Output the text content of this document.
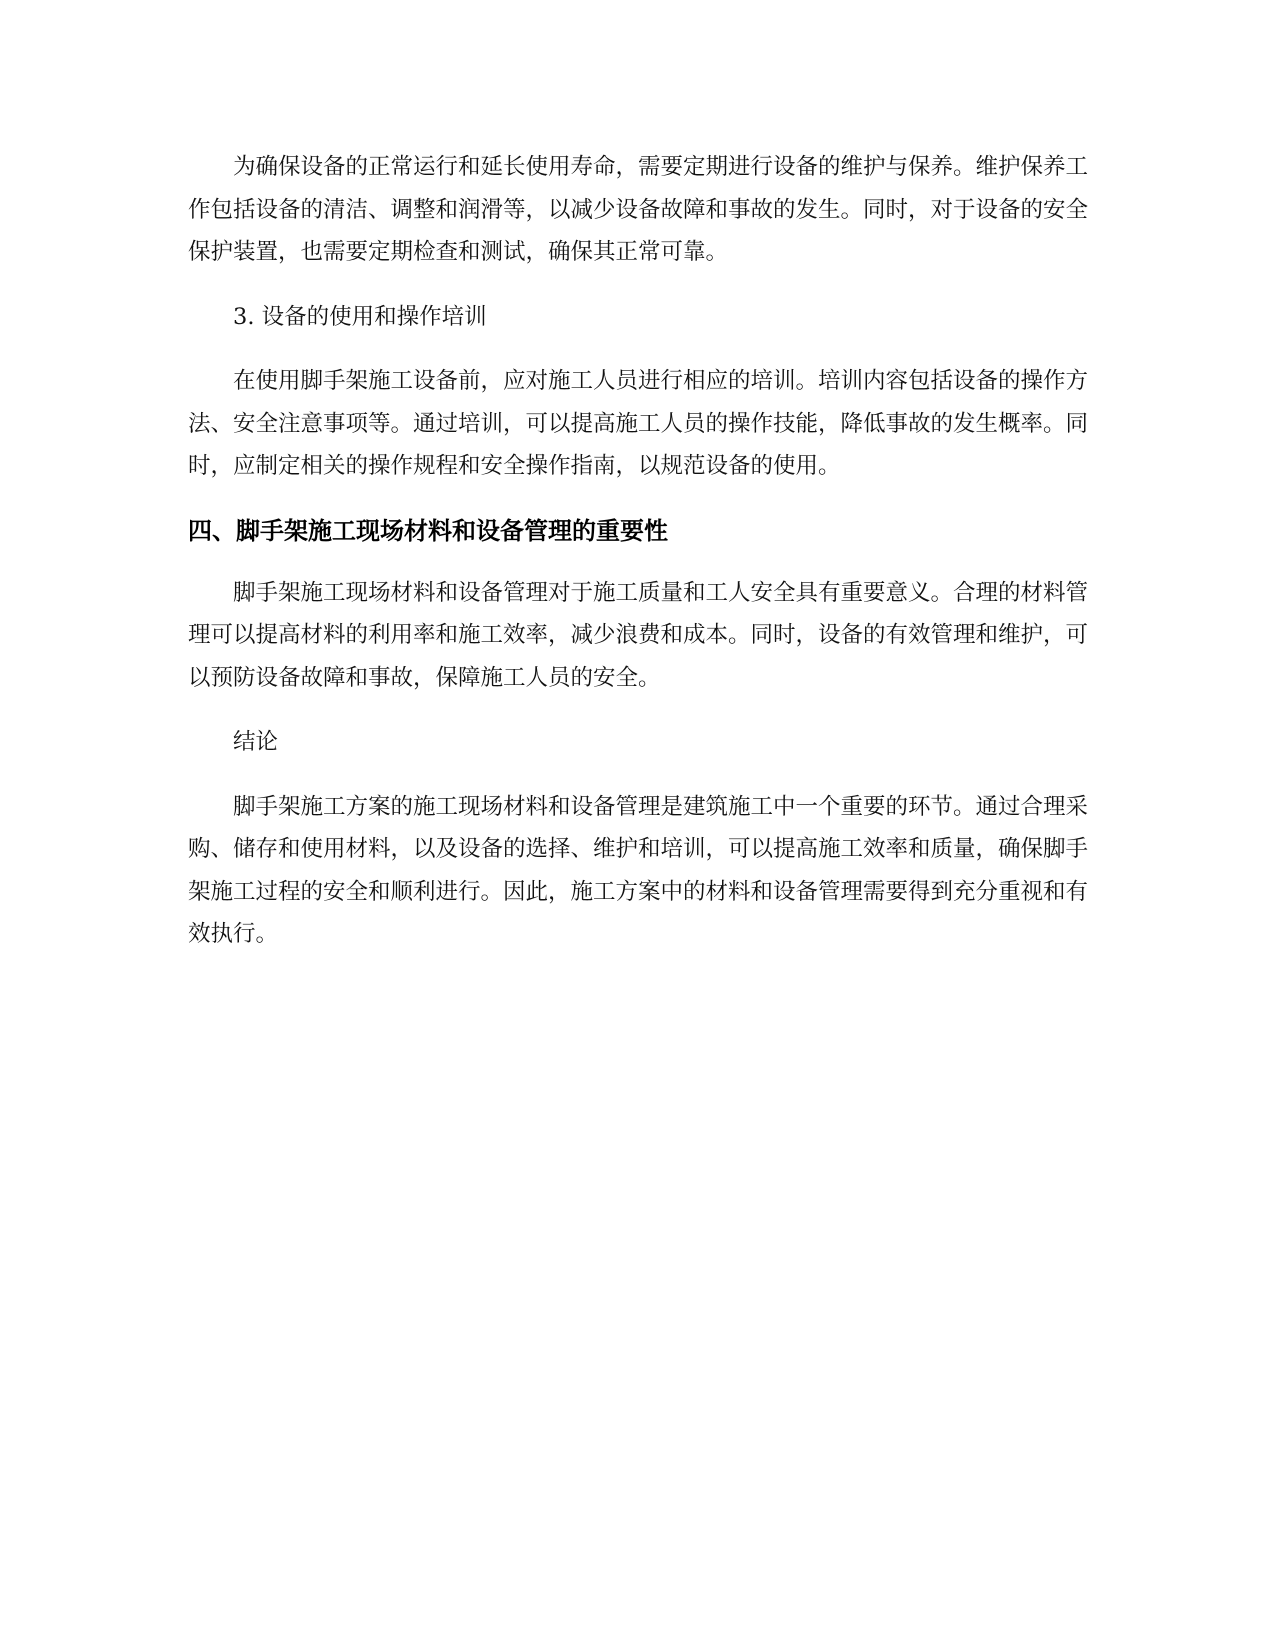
为确保设备的正常运行和延长使用寿命，需要定期进行设备的维护与保养。维护保养工作包括设备的清洁、调整和润滑等，以减少设备故障和事故的发生。同时，对于设备的安全保护装置，也需要定期检查和测试，确保其正常可靠。

3. 设备的使用和操作培训

在使用脚手架施工设备前，应对施工人员进行相应的培训。培训内容包括设备的操作方法、安全注意事项等。通过培训，可以提高施工人员的操作技能，降低事故的发生概率。同时，应制定相关的操作规程和安全操作指南，以规范设备的使用。

四、脚手架施工现场材料和设备管理的重要性

脚手架施工现场材料和设备管理对于施工质量和工人安全具有重要意义。合理的材料管理可以提高材料的利用率和施工效率，减少浪费和成本。同时，设备的有效管理和维护，可以预防设备故障和事故，保障施工人员的安全。

结论

脚手架施工方案的施工现场材料和设备管理是建筑施工中一个重要的环节。通过合理采购、储存和使用材料，以及设备的选择、维护和培训，可以提高施工效率和质量，确保脚手架施工过程的安全和顺利进行。因此，施工方案中的材料和设备管理需要得到充分重视和有效执行。
